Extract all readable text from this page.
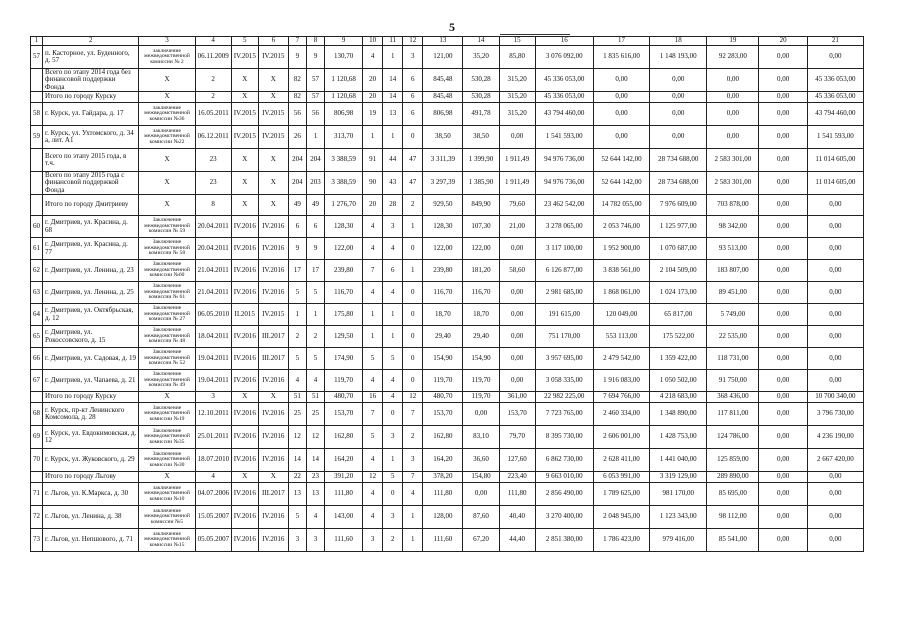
5
1	2	3	4	5	6	7	8	9	10	11	12	13	14	15	16	17	18	19	20	21
57	п. Касторное, ул. Буденного, д. 57	заключение межведомственной комиссии № 2	06.11.2009	IV.2015	IV.2015	9	9	130,70	4	1	3	121,00	35,20	85,80	3 076 092,00	1 835 616,00	1 148 193,00	92 283,00	0,00	0,00
	Всего по этапу 2014 года без финансовой поддержки Фонда	Х	2	Х	Х	82	57	1 120,68	20	14	6	845,48	530,28	315,20	45 336 053,00	0,00	0,00	0,00	0,00	45 336 053,00
	Итого по городу Курску	Х	2	Х	Х	82	57	1 120,68	20	14	6	845,48	530,28	315,20	45 336 053,00	0,00	0,00	0,00	0,00	45 336 053,00
58	г. Курск, ул. Гайдара, д. 17	заключение межведомственной комиссии №36	16.05.2011	IV.2015	IV.2015	56	56	806,98	19	13	6	806,98	491,78	315,20	43 794 460,00	0,00	0,00	0,00	0,00	43 794 460,00
59	г. Курск, ул. Ухтомского, д. 34 а, лит. А1	заключение межведомственной комиссии №22	06.12.2011	IV.2015	IV.2015	26	1	313,70	1	1	0	38,50	38,50	0,00	1 541 593,00	0,00	0,00	0,00	0,00	1 541 593,00
	Всего по этапу 2015 года, в т.ч.	Х	23	Х	Х	204	204	3 388,59	91	44	47	3 311,39	1 399,90	1 911,49	94 976 736,00	52 644 142,00	28 734 688,00	2 583 301,00	0,00	11 014 605,00
	Всего по этапу 2015 года с финансовой поддержкой Фонда	Х	23	Х	Х	204	203	3 388,59	90	43	47	3 297,39	1 385,90	1 911,49	94 976 736,00	52 644 142,00	28 734 688,00	2 583 301,00	0,00	11 014 605,00
	Итого по городу Дмитриеву	Х	8	Х	Х	49	49	1 276,70	20	28	2	929,50	849,90	79,60	23 462 542,00	14 782 055,00	7 976 609,00	703 878,00	0,00	0,00
60	г. Дмитриев, ул. Красина, д. 68	Заключение межведомственной комиссии № 59	20.04.2011	IV.2016	IV.2016	6	6	128,30	4	3	1	128,30	107,30	21,00	3 278 065,00	2 053 746,00	1 125 977,00	98 342,00	0,00	0,00
61	г. Дмитриев, ул. Красина, д. 77	Заключение межведомственной комиссии № 58	20.04.2011	IV.2016	IV.2016	9	9	122,00	4	4	0	122,00	122,00	0,00	3 117 100,00	1 952 900,00	1 070 687,00	93 513,00	0,00	0,00
62	г. Дмитриев, ул. Ленина, д. 23	Заключение межведомственной комиссии №60	21.04.2011	IV.2016	IV.2016	17	17	239,80	7	6	1	239,80	181,20	58,60	6 126 877,00	3 838 561,00	2 104 509,00	183 807,00	0,00	0,00
63	г. Дмитриев, ул. Ленина, д. 25	Заключение межведомственной комиссии № 61	21.04.2011	IV.2016	IV.2016	5	5	116,70	4	4	0	116,70	116,70	0,00	2 981 685,00	1 868 061,00	1 024 173,00	89 451,00	0,00	0,00
64	г. Дмитриев, ул. Октябрьская, д. 12	Заключение межведомственной комиссии № 27	06.05.2010	II.2015	IV.2015	1	1	175,80	1	1	0	18,70	18,70	0,00	191 615,00	120 049,00	65 817,00	5 749,00	0,00	0,00
65	г. Дмитриев, ул. Рокоссовского, д. 15	Заключение межведомственной комиссии № 48	18.04.2011	IV.2016	III.2017	2	2	129,50	1	1	0	29,40	29,40	0,00	751 170,00	553 113,00	175 522,00	22 535,00	0,00	0,00
66	г. Дмитриев, ул. Садовая, д. 19	Заключение межведомственной комиссии № 52	19.04.2011	IV.2016	III.2017	5	5	174,90	5	5	0	154,90	154,90	0,00	3 957 695,00	2 479 542,00	1 359 422,00	118 731,00	0,00	0,00
67	г. Дмитриев, ул. Чапаева, д. 21	Заключение межведомственной комиссии № 49	19.04.2011	IV.2016	IV.2016	4	4	119,70	4	4	0	119,70	119,70	0,00	3 058 335,00	1 916 083,00	1 050 502,00	91 750,00	0,00	0,00
	Итого по городу Курску	Х	3	Х	Х	51	51	480,70	16	4	12	480,70	119,70	361,00	22 982 225,00	7 694 766,00	4 218 683,00	368 436,00	0,00	10 700 340,00
68	г. Курск, пр-кт Ленинского Комсомола, д. 28	Заключение межведомственной комиссии №19	12.10.2011	IV.2016	IV.2016	25	25	153,70	7	0	7	153,70	0,00	153,70	7 723 765,00	2 460 334,00	1 348 890,00	117 811,00	0,00	3 796 730,00
69	г. Курск, ул. Евдокимовская, д. 12	Заключение межведомственной комиссии №35	25.01.2011	IV.2016	IV.2016	12	12	162,80	5	3	2	162,80	83,10	79,70	8 395 730,00	2 606 001,00	1 428 753,00	124 786,00	0,00	4 236 190,00
70	г. Курск, ул. Жуковского, д. 29	Заключение межведомственной комиссии №30	18.07.2010	IV.2016	IV.2016	14	14	164,20	4	1	3	164,20	36,60	127,60	6 862 730,00	2 628 411,00	1 441 040,00	125 859,00	0,00	2 667 420,00
	Итого по городу Льгову	Х	4	Х	Х	22	23	391,20	12	5	7	378,20	154,80	223,40	9 663 010,00	6 053 991,00	3 319 129,00	289 890,00	0,00	0,00
71	г. Льгов, ул. К.Маркса, д. 30	заключение межведомственной комиссии №10	04.07.2006	IV.2016	III.2017	13	13	111,80	4	0	4	111,80	0,00	111,80	2 856 490,00	1 789 625,00	981 170,00	85 695,00	0,00	0,00
72	г. Льгов, ул. Ленина, д. 38	заключение межведомственной комиссии №5	15.05.2007	IV.2016	IV.2016	5	4	143,00	4	3	1	128,00	87,60	40,40	3 270 400,00	2 048 945,00	1 123 343,00	98 112,00	0,00	0,00
73	г. Льгов, ул. Непшового, д. 71	заключение межведомственной комиссии №15	05.05.2007	IV.2016	IV.2016	3	3	111,60	3	2	1	111,60	67,20	44,40	2 851 380,00	1 786 423,00	979 416,00	85 541,00	0,00	0,00
